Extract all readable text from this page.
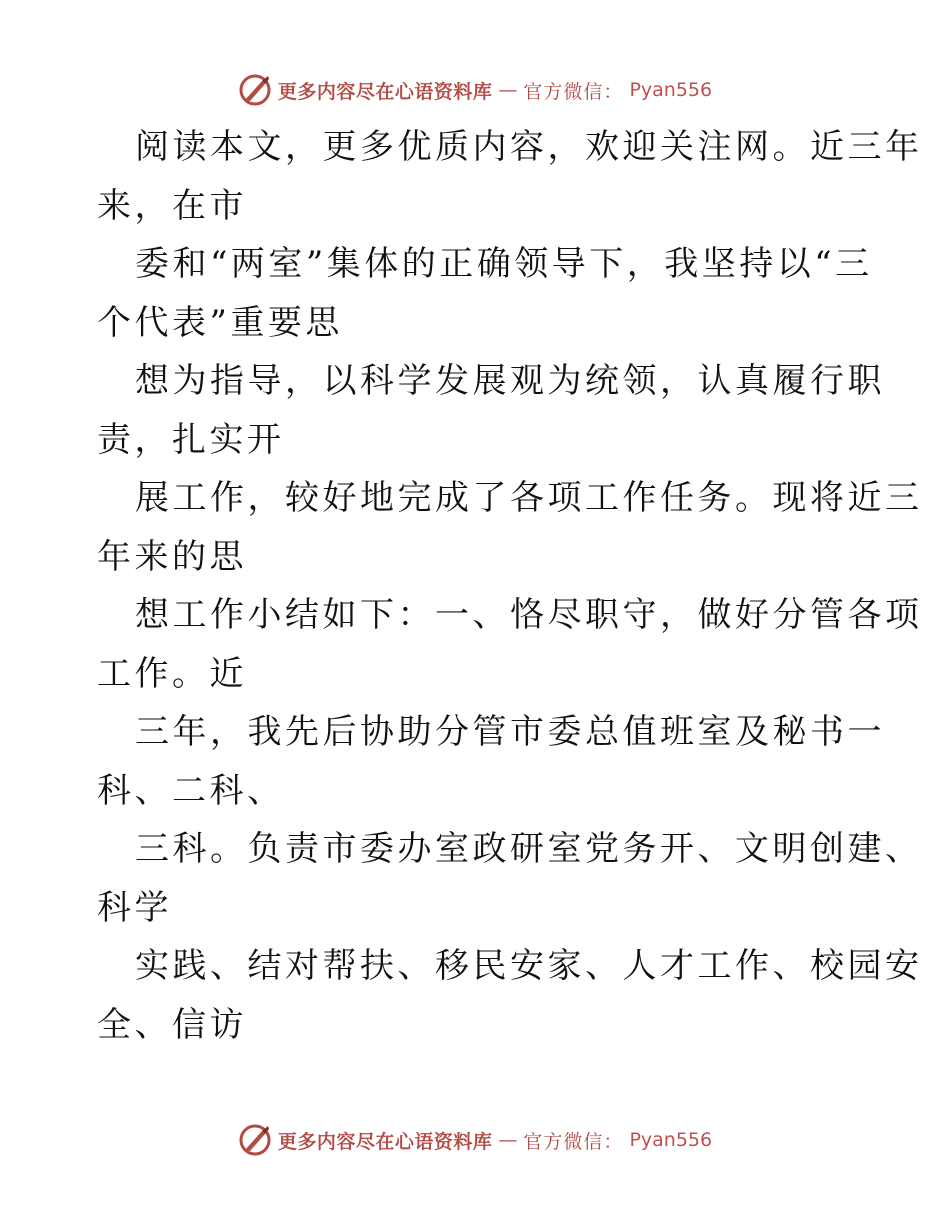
更多内容尽在心语资料库 — 官方微信： Pyan556
阅读本文，更多优质内容，欢迎关注网。近三年
来，在市
委和“两室”集体的正确领导下，我坚持以“三
个代表”重要思
想为指导，以科学发展观为统领，认真履行职
责，扎实开
展工作，较好地完成了各项工作任务。现将近三
年来的思
想工作小结如下：一、恪尽职守，做好分管各项
工作。近
三年，我先后协助分管市委总值班室及秘书一
科、二科、
三科。负责市委办室政研室党务开、文明创建、
科学
实践、结对帮扶、移民安家、人才工作、校园安
全、信访
更多内容尽在心语资料库 — 官方微信： Pyan556
